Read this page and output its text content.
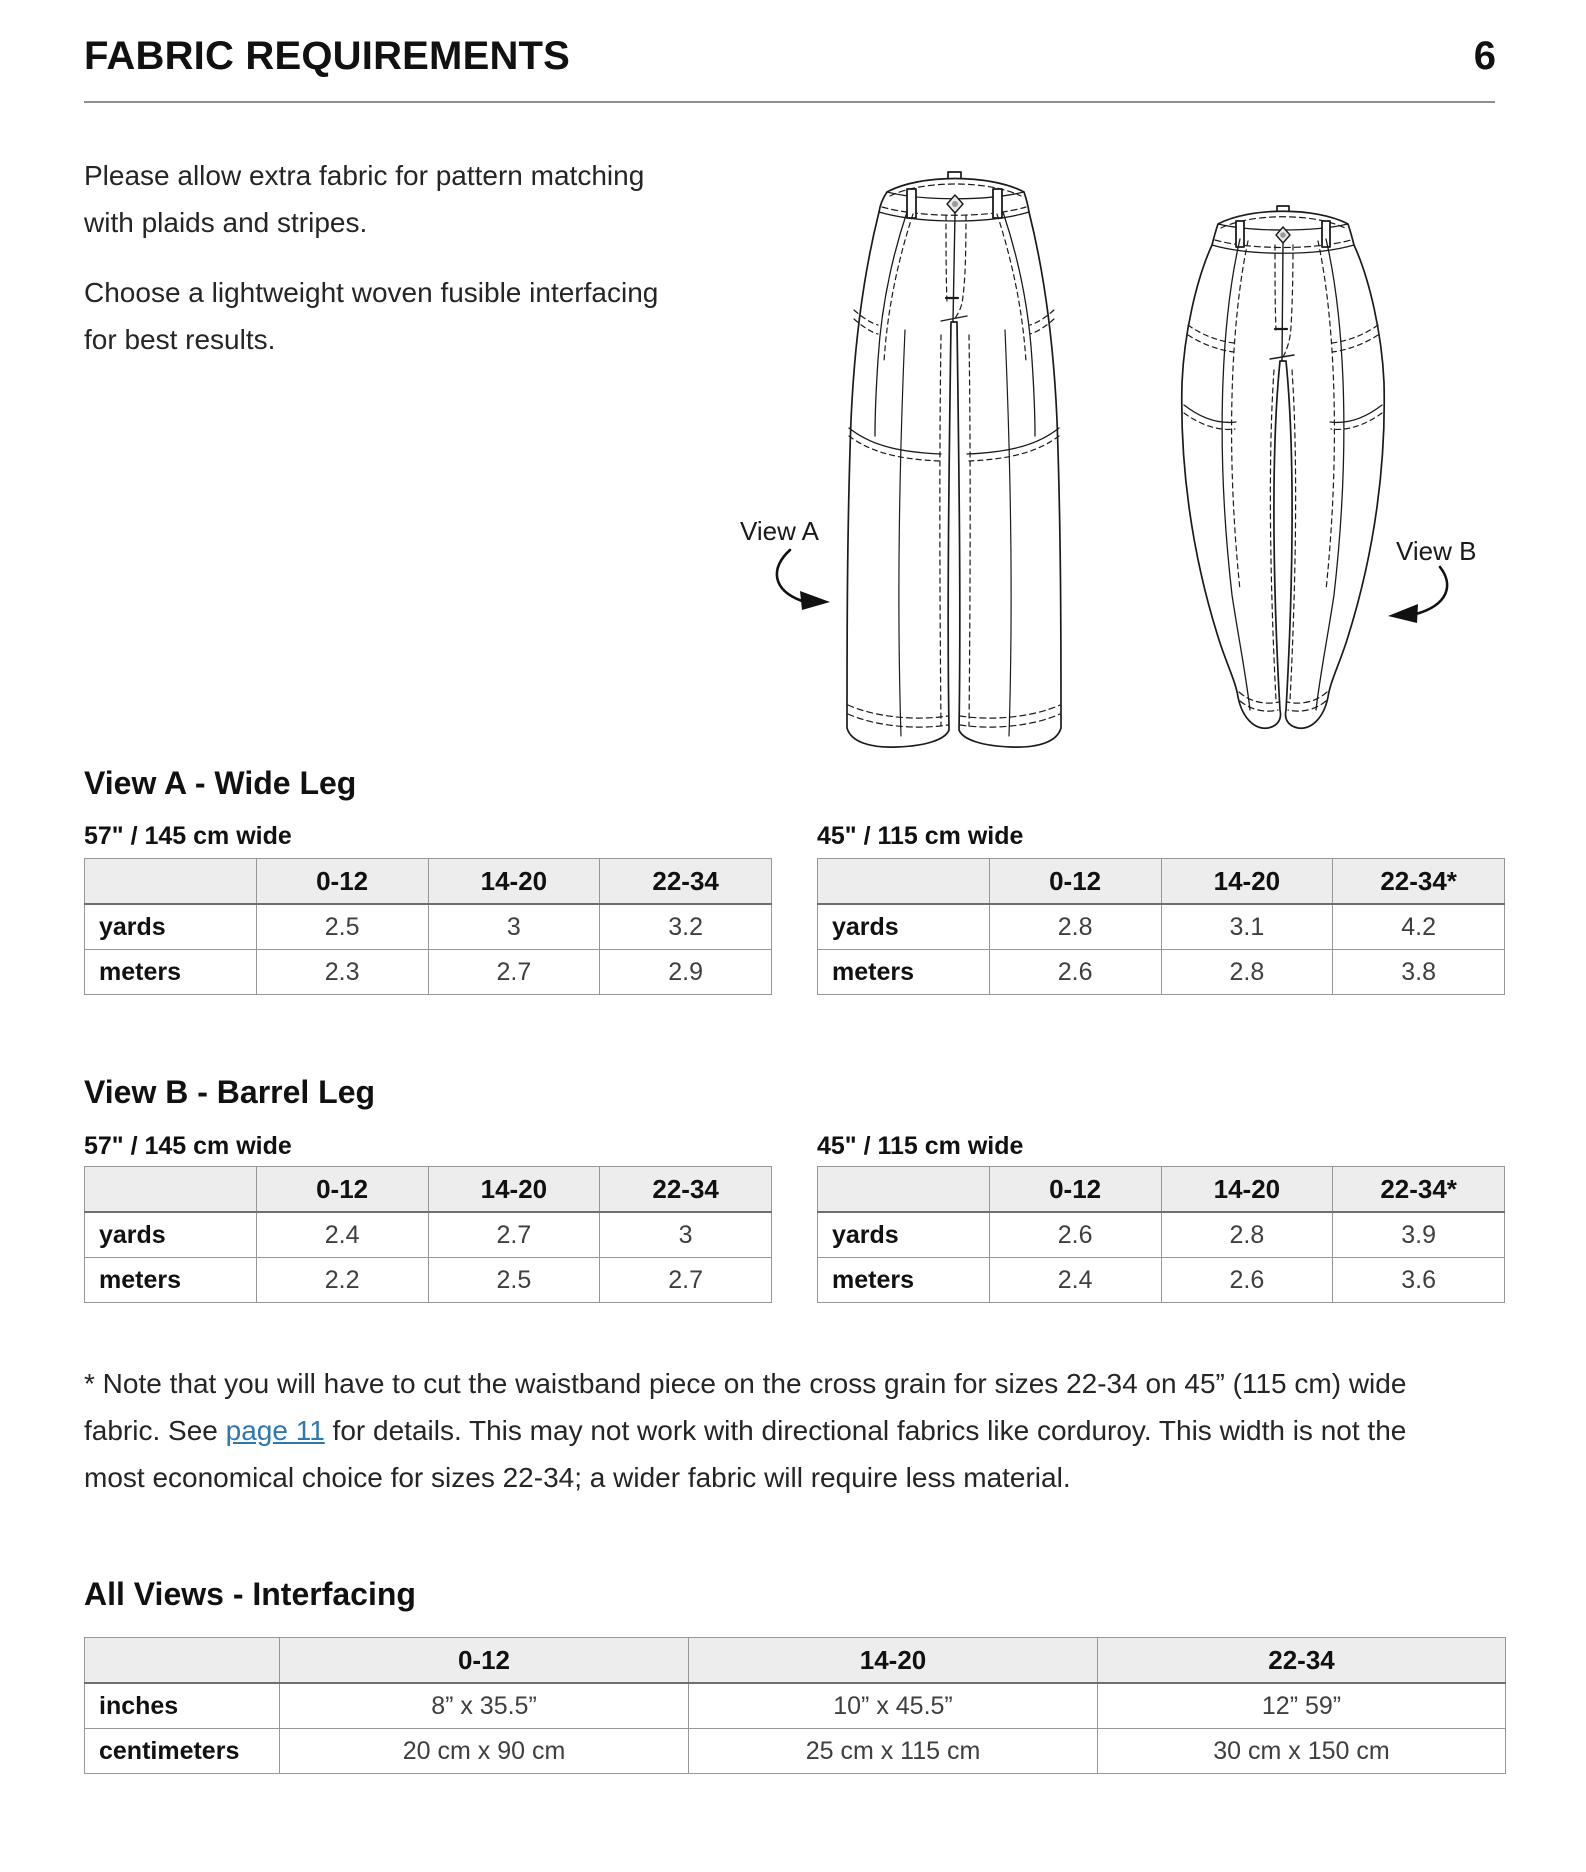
FABRIC REQUIREMENTS	6

Please allow extra fabric for pattern matching
with plaids and stripes.

Choose a lightweight woven fusible interfacing
for best results.

View A
View B
View A - Wide Leg
57" / 145 cm wide	45" / 115 cm wide
	0-12	14-20	22-34
yards	2.5	3	3.2
meters	2.3	2.7	2.9
	0-12	14-20	22-34*
yards	2.8	3.1	4.2
meters	2.6	2.8	3.8
View B - Barrel Leg
57" / 145 cm wide	45" / 115 cm wide
	0-12	14-20	22-34
yards	2.4	2.7	3
meters	2.2	2.5	2.7
	0-12	14-20	22-34*
yards	2.6	2.8	3.9
meters	2.4	2.6	3.6
* Note that you will have to cut the waistband piece on the cross grain for sizes 22-34 on 45” (115 cm) wide
fabric. See page 11 for details. This may not work with directional fabrics like corduroy. This width is not the
most economical choice for sizes 22-34; a wider fabric will require less material.
All Views - Interfacing
	0-12	14-20	22-34
inches	8” x 35.5”	10” x 45.5”	12” 59”
centimeters	20 cm x 90 cm	25 cm x 115 cm	30 cm x 150 cm
